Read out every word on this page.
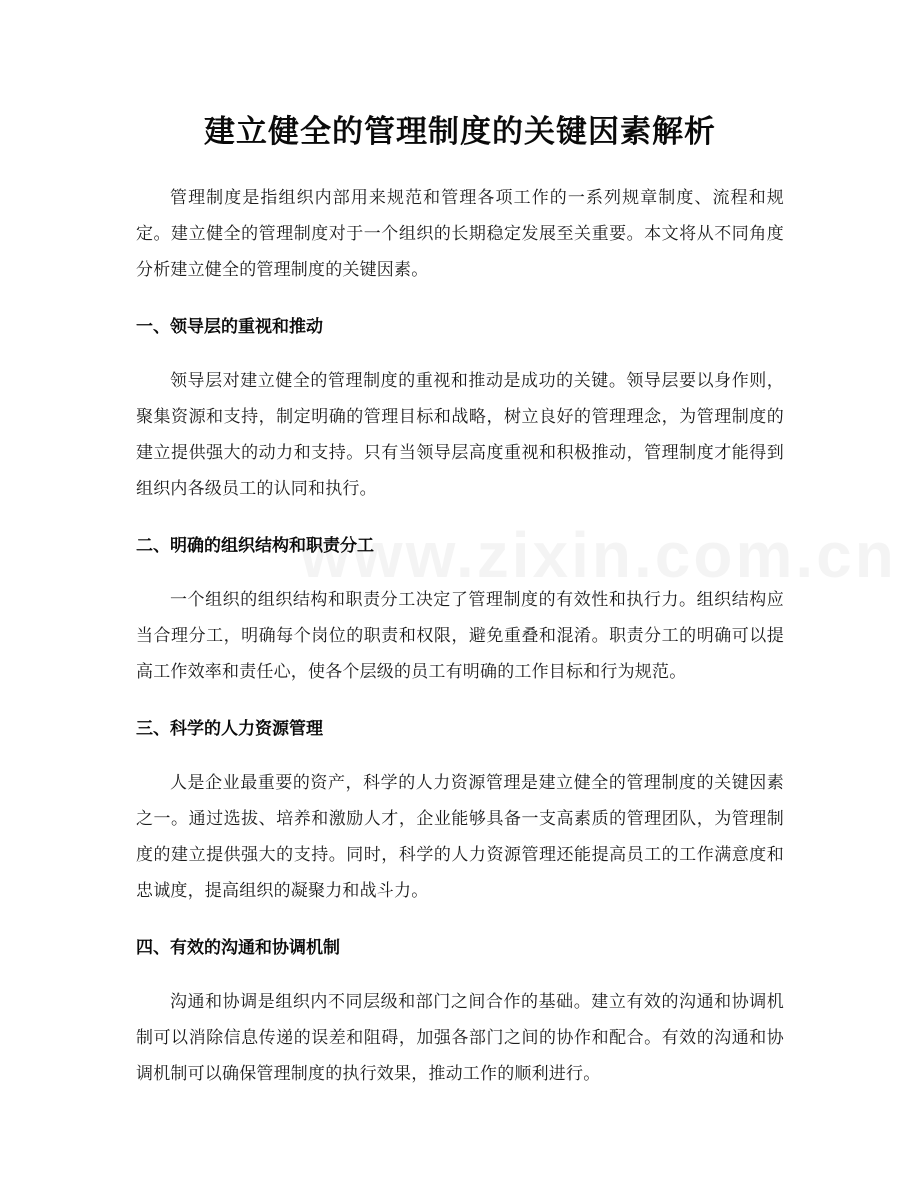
建立健全的管理制度的关键因素解析

管理制度是指组织内部用来规范和管理各项工作的一系列规章制度、流程和规定。建立健全的管理制度对于一个组织的长期稳定发展至关重要。本文将从不同角度分析建立健全的管理制度的关键因素。

一、领导层的重视和推动

领导层对建立健全的管理制度的重视和推动是成功的关键。领导层要以身作则，聚集资源和支持，制定明确的管理目标和战略，树立良好的管理理念，为管理制度的建立提供强大的动力和支持。只有当领导层高度重视和积极推动，管理制度才能得到组织内各级员工的认同和执行。

二、明确的组织结构和职责分工

一个组织的组织结构和职责分工决定了管理制度的有效性和执行力。组织结构应当合理分工，明确每个岗位的职责和权限，避免重叠和混淆。职责分工的明确可以提高工作效率和责任心，使各个层级的员工有明确的工作目标和行为规范。

三、科学的人力资源管理

人是企业最重要的资产，科学的人力资源管理是建立健全的管理制度的关键因素之一。通过选拔、培养和激励人才，企业能够具备一支高素质的管理团队，为管理制度的建立提供强大的支持。同时，科学的人力资源管理还能提高员工的工作满意度和忠诚度，提高组织的凝聚力和战斗力。

四、有效的沟通和协调机制

沟通和协调是组织内不同层级和部门之间合作的基础。建立有效的沟通和协调机制可以消除信息传递的误差和阻碍，加强各部门之间的协作和配合。有效的沟通和协调机制可以确保管理制度的执行效果，推动工作的顺利进行。
